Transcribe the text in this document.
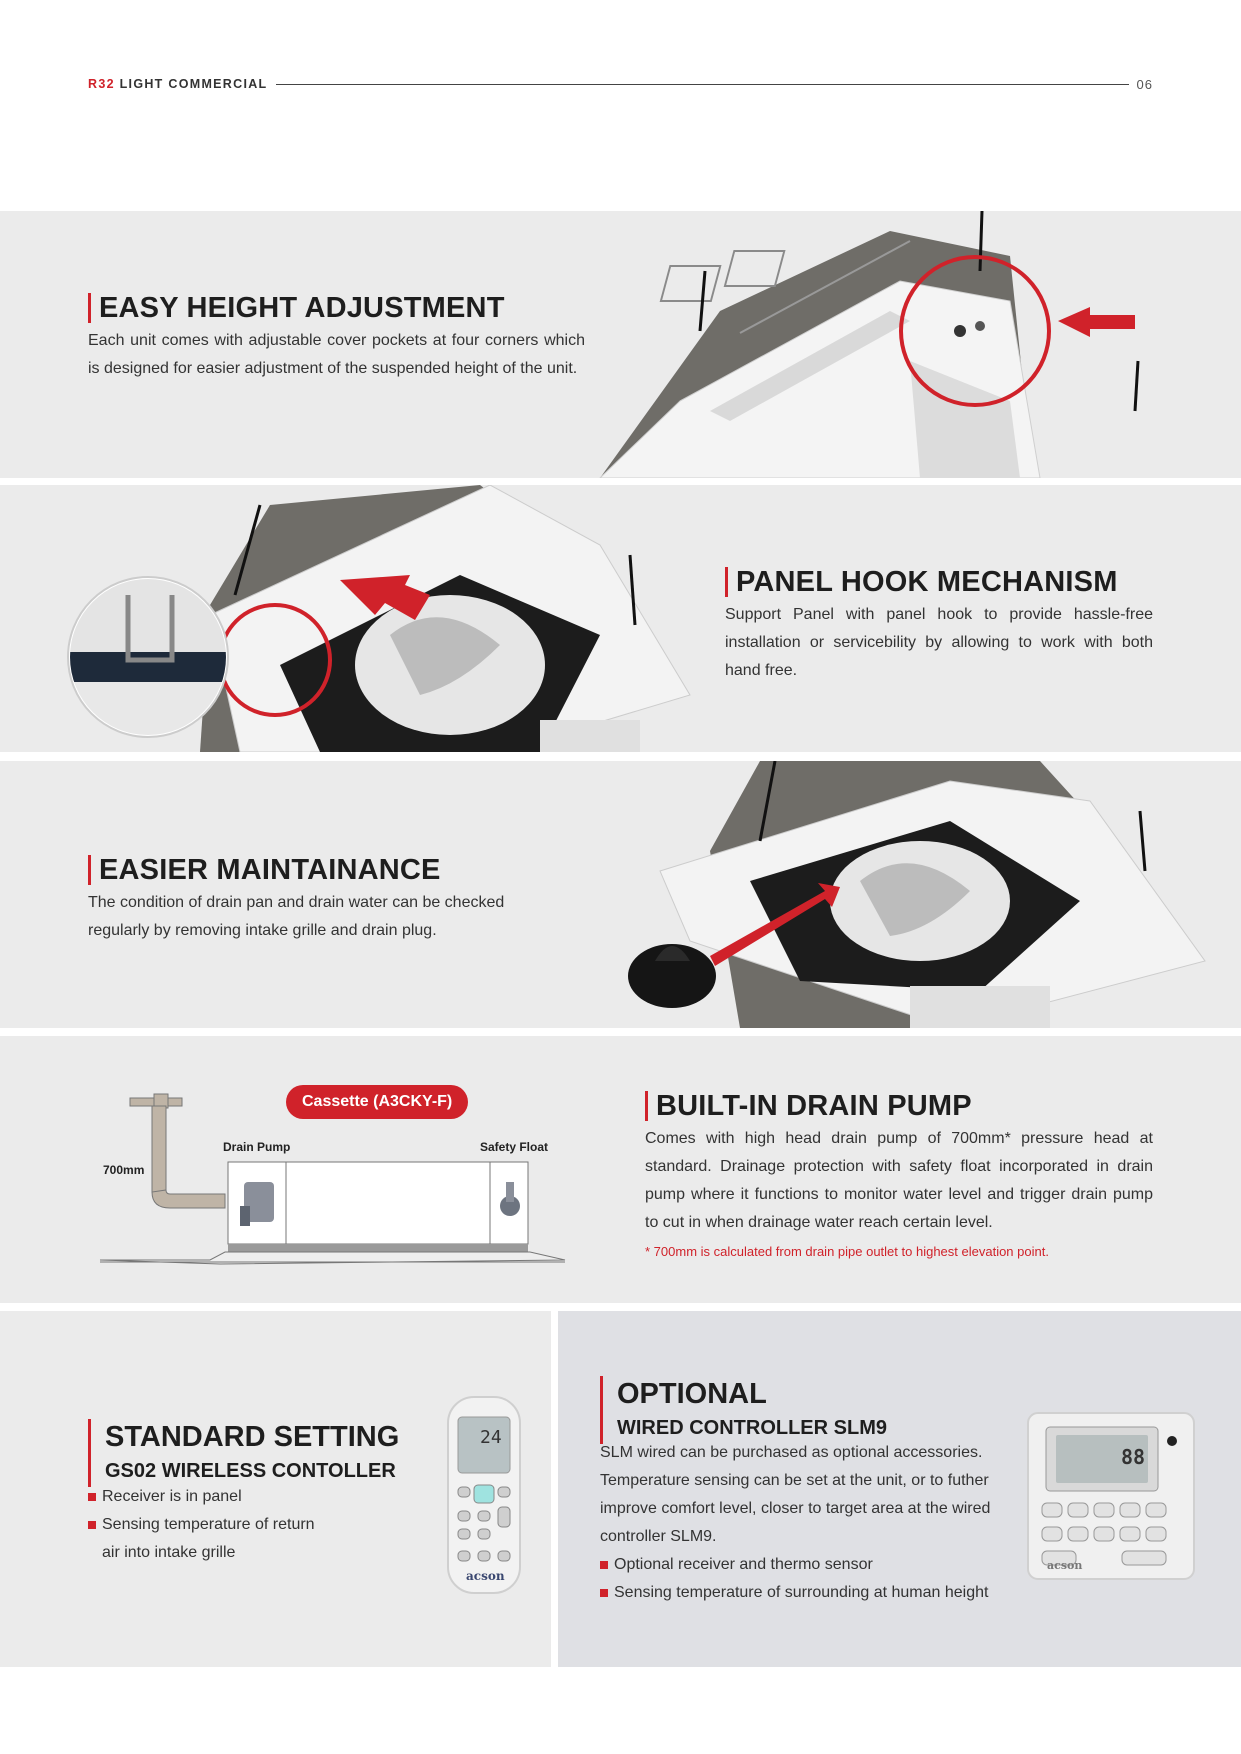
R32 LIGHT COMMERCIAL	06
EASY HEIGHT ADJUSTMENT
Each unit comes with adjustable cover pockets at four corners which is designed for easier adjustment of the suspended height of the unit.
PANEL HOOK MECHANISM
Support Panel with panel hook to provide hassle-free installation or servicebility by allowing to work with both hand free.
EASIER MAINTAINANCE
The condition of drain pan and drain water can be checked regularly by removing intake grille and drain plug.
Cassette (A3CKY-F)
Drain Pump	Safety Float
700mm
BUILT-IN DRAIN PUMP
Comes with high head drain pump of 700mm* pressure head at standard. Drainage protection with safety float incorporated in drain pump where it functions to monitor water level and trigger drain pump to cut in when drainage water reach certain level.
* 700mm is calculated from drain pipe outlet to highest elevation point.
STANDARD SETTING
GS02 WIRELESS CONTOLLER
Receiver is in panel
Sensing temperature of return
air into intake grille
24
acson
OPTIONAL
WIRED CONTROLLER SLM9
SLM wired can be purchased as optional accessories. Temperature sensing can be set at the unit, or to futher improve comfort level, closer to target area at the wired controller SLM9.
Optional receiver and thermo sensor
Sensing temperature of surrounding at human height
88
acson
